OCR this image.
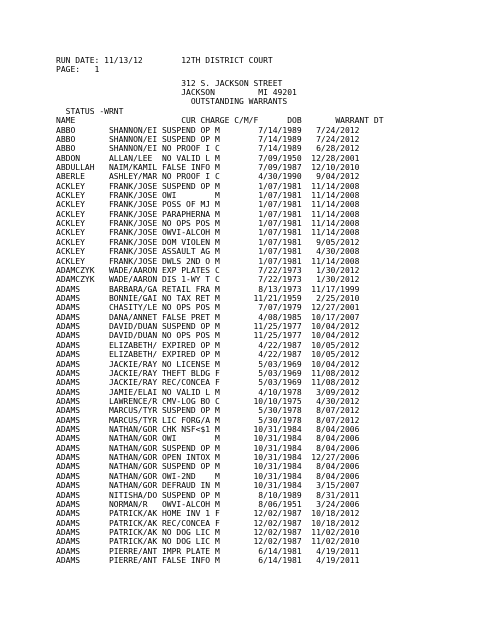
RUN DATE: 11/13/12        12TH DISTRICT COURT
PAGE:   1
312 S. JACKSON STREET
JACKSON         MI 49201
OUTSTANDING WARRANTS
STATUS -WRNT
NAME                      CUR CHARGE C/M/F      DOB       WARRANT DT
ABBO       SHANNON/EI SUSPEND OP M        7/14/1989   7/24/2012
ABBO       SHANNON/EI SUSPEND OP M        7/14/1989   7/24/2012
ABBO       SHANNON/EI NO PROOF I C        7/14/1989   6/28/2012
ABDON      ALLAN/LEE  NO VALID L M        7/09/1950  12/28/2001
ABDULLAH   NAIM/KAMIL FALSE INFO M        7/09/1987  12/10/2010
ABERLE     ASHLEY/MAR NO PROOF I C        4/30/1990   9/04/2012
ACKLEY     FRANK/JOSE SUSPEND OP M        1/07/1981  11/14/2008
ACKLEY     FRANK/JOSE OWI        M        1/07/1981  11/14/2008
ACKLEY     FRANK/JOSE POSS OF MJ M        1/07/1981  11/14/2008
ACKLEY     FRANK/JOSE PARAPHERNA M        1/07/1981  11/14/2008
ACKLEY     FRANK/JOSE NO OPS POS M        1/07/1981  11/14/2008
ACKLEY     FRANK/JOSE OWVI-ALCOH M        1/07/1981  11/14/2008
ACKLEY     FRANK/JOSE DOM VIOLEN M        1/07/1981   9/05/2012
ACKLEY     FRANK/JOSE ASSAULT AG M        1/07/1981   4/30/2008
ACKLEY     FRANK/JOSE DWLS 2ND O M        1/07/1981  11/14/2008
ADAMCZYK   WADE/AARON EXP PLATES C        7/22/1973   1/30/2012
ADAMCZYK   WADE/AARON DIS 1-WY T C        7/22/1973   1/30/2012
ADAMS      BARBARA/GA RETAIL FRA M        8/13/1973  11/17/1999
ADAMS      BONNIE/GAI NO TAX RET M       11/21/1959   2/25/2010
ADAMS      CHASITY/LE NO OPS POS M        7/07/1979  12/27/2001
ADAMS      DANA/ANNET FALSE PRET M        4/08/1985  10/17/2007
ADAMS      DAVID/DUAN SUSPEND OP M       11/25/1977  10/04/2012
ADAMS      DAVID/DUAN NO OPS POS M       11/25/1977  10/04/2012
ADAMS      ELIZABETH/ EXPIRED OP M        4/22/1987  10/05/2012
ADAMS      ELIZABETH/ EXPIRED OP M        4/22/1987  10/05/2012
ADAMS      JACKIE/RAY NO LICENSE M        5/03/1969  10/04/2012
ADAMS      JACKIE/RAY THEFT BLDG F        5/03/1969  11/08/2012
ADAMS      JACKIE/RAY REC/CONCEA F        5/03/1969  11/08/2012
ADAMS      JAMIE/ELAI NO VALID L M        4/10/1978   3/09/2012
ADAMS      LAWRENCE/R CMV-LOG BO C       10/10/1975   4/30/2012
ADAMS      MARCUS/TYR SUSPEND OP M        5/30/1978   8/07/2012
ADAMS      MARCUS/TYR LIC FORG/A M        5/30/1978   8/07/2012
ADAMS      NATHAN/GOR CHK NSF<$1 M       10/31/1984   8/04/2006
ADAMS      NATHAN/GOR OWI        M       10/31/1984   8/04/2006
ADAMS      NATHAN/GOR SUSPEND OP M       10/31/1984   8/04/2006
ADAMS      NATHAN/GOR OPEN INTOX M       10/31/1984  12/27/2006
ADAMS      NATHAN/GOR SUSPEND OP M       10/31/1984   8/04/2006
ADAMS      NATHAN/GOR OWI-2ND    M       10/31/1984   8/04/2006
ADAMS      NATHAN/GOR DEFRAUD IN M       10/31/1984   3/15/2007
ADAMS      NITISHA/DO SUSPEND OP M        8/10/1989   8/31/2011
ADAMS      NORMAN/R   OWVI-ALCOH M        8/06/1951   3/24/2006
ADAMS      PATRICK/AK HOME INV 1 F       12/02/1987  10/18/2012
ADAMS      PATRICK/AK REC/CONCEA F       12/02/1987  10/18/2012
ADAMS      PATRICK/AK NO DOG LIC M       12/02/1987  11/02/2010
ADAMS      PATRICK/AK NO DOG LIC M       12/02/1987  11/02/2010
ADAMS      PIERRE/ANT IMPR PLATE M        6/14/1981   4/19/2011
ADAMS      PIERRE/ANT FALSE INFO M        6/14/1981   4/19/2011
